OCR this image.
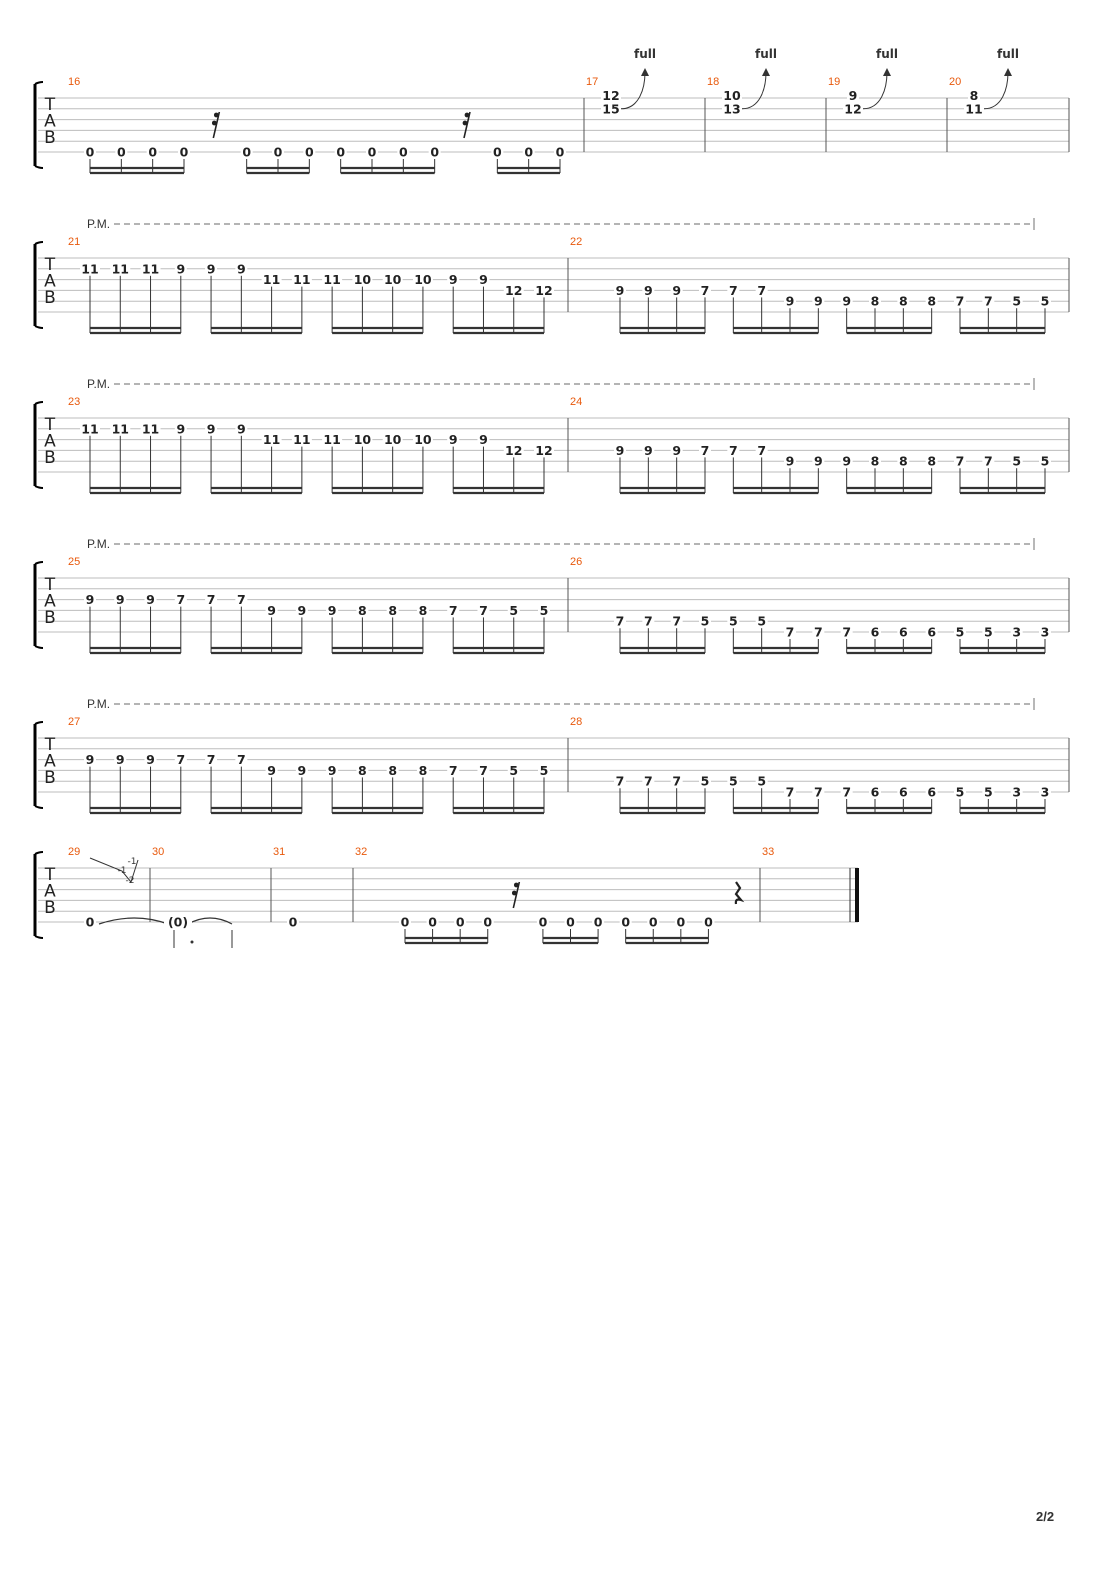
T
A
B
16
0 0 0 0	0 0 0 0 0 0 0	0 0 0
17
12
15
full
18
10
13
full
19
9
12
full
20
8
11
full
T
A
B
P.M.
21
11 11 11 9 9 9
11 11 11 10 10 10 9 9
12 12
22
9 9 9 7 7 7
9 9 9 8 8 8 7 7 5 5
T
A
B
P.M.
23
11 11 11 9 9 9
11 11 11 10 10 10 9 9
12 12
24
9 9 9 7 7 7
9 9 9 8 8 8 7 7 5 5
T
A
B
P.M.
25
9 9 9 7 7 7
9 9 9 8 8 8 7 7 5 5
26
7 7 7 5 5 5
7 7 7 6 6 6 5 5 3 3
T
A
B
P.M.
27
9 9 9 7 7 7
9 9 9 8 8 8 7 7 5 5
28
7 7 7 5 5 5
7 7 7 6 6 6 5 5 3 3
T
A
B
29
0
-1
-1
-2
30
(0)
31
0
32
0 0 0 0	0 0 0 0 0 0 0
33
2/2
